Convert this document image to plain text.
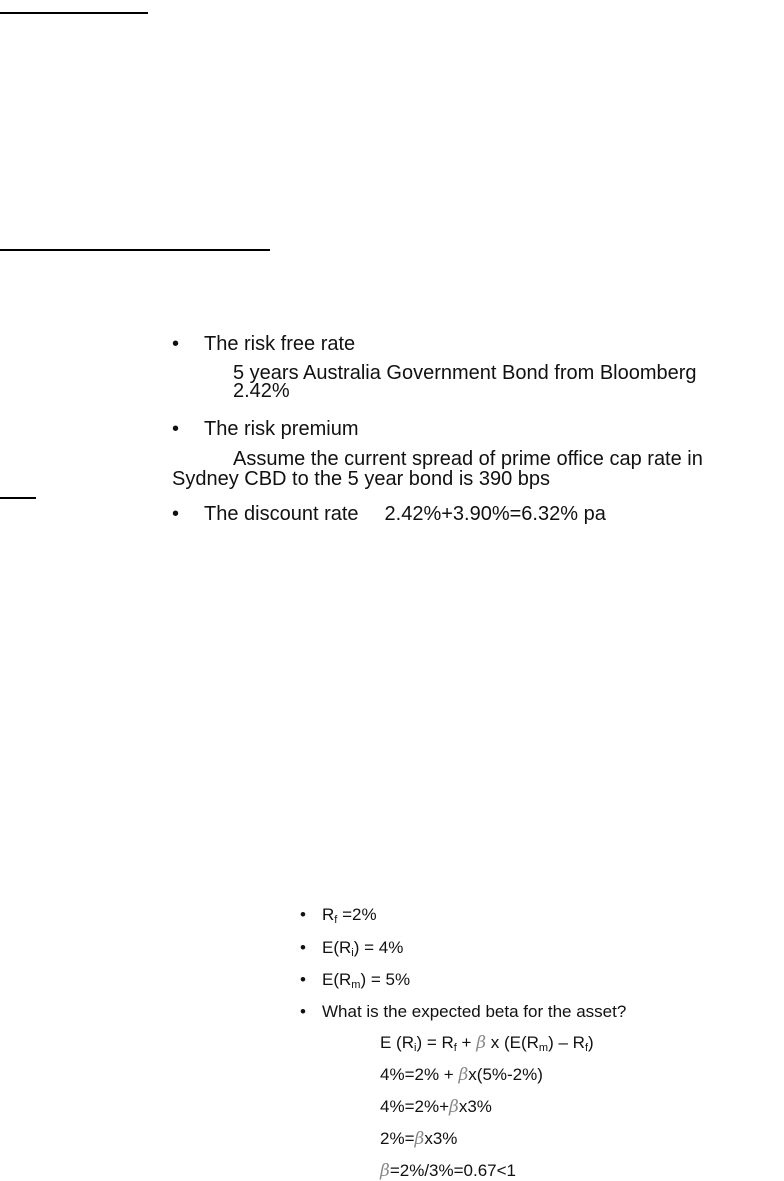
• The risk free rate
5 years Australia Government Bond from Bloomberg
2.42%
• The risk premium
Assume the current spread of prime office cap rate in
Sydney CBD to the 5 year bond is 390 bps
• The discount rate 2.42%+3.90%=6.32% pa
• $R_f =2\%$
• $E(R_i) = 4\%$
• $E(R_m) = 5\%$
• What is the expected beta for the asset?
E $(R_i) = R_f + \beta$ x $(E(R_m) - R_f)$
4%=2% + βx(5%-2%)
4%=2%+βx3%
2%=βx3%
β=2%/3%=0.67<1
